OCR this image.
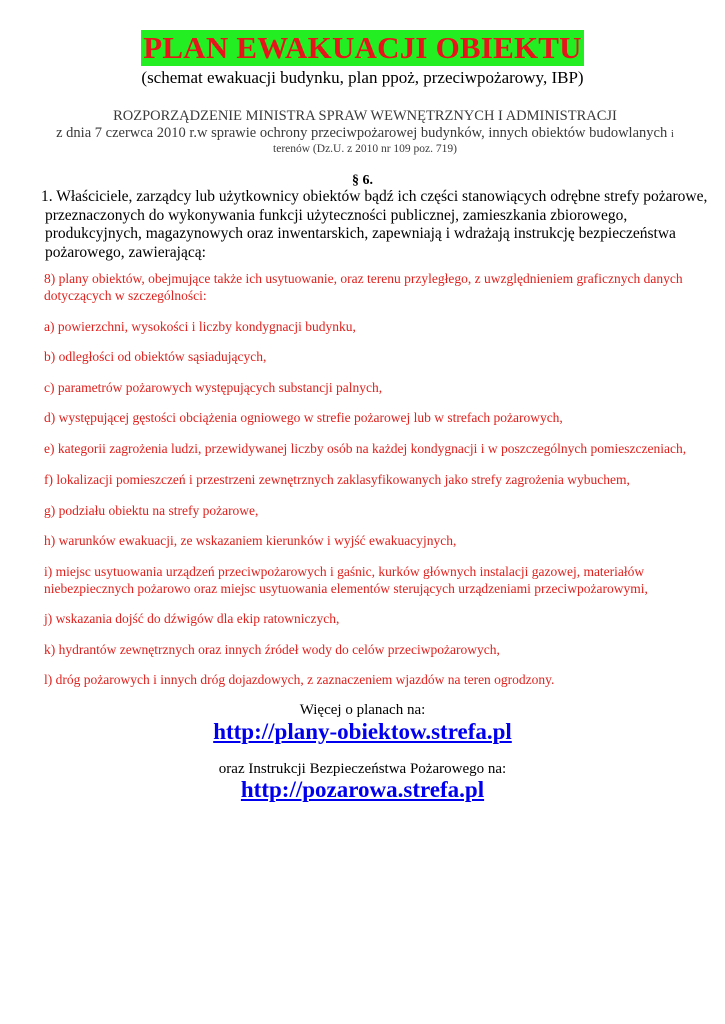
PLAN EWAKUACJI OBIEKTU
(schemat ewakuacji budynku, plan ppoż, przeciwpożarowy, IBP)
ROZPORZĄDZENIE MINISTRA SPRAW WEWNĘTRZNYCH I ADMINISTRACJI
z dnia 7 czerwca 2010 r.w sprawie ochrony przeciwpożarowej budynków, innych obiektów budowlanych i
terenów (Dz.U. z 2010 nr 109 poz. 719)
§ 6.
1. Właściciele, zarządcy lub użytkownicy obiektów bądź ich części stanowiących odrębne strefy pożarowe,
przeznaczonych do wykonywania funkcji użyteczności publicznej, zamieszkania zbiorowego,
produkcyjnych, magazynowych oraz inwentarskich, zapewniają i wdrażają instrukcję bezpieczeństwa
pożarowego, zawierającą:
8) plany obiektów, obejmujące także ich usytuowanie, oraz terenu przyległego, z uwzględnieniem graficznych danych
dotyczących w szczególności:
a) powierzchni, wysokości i liczby kondygnacji budynku,
b) odległości od obiektów sąsiadujących,
c) parametrów pożarowych występujących substancji palnych,
d) występującej gęstości obciążenia ogniowego w strefie pożarowej lub w strefach pożarowych,
e) kategorii zagrożenia ludzi, przewidywanej liczby osób na każdej kondygnacji i w poszczególnych pomieszczeniach,
f) lokalizacji pomieszczeń i przestrzeni zewnętrznych zaklasyfikowanych jako strefy zagrożenia wybuchem,
g) podziału obiektu na strefy pożarowe,
h) warunków ewakuacji, ze wskazaniem kierunków i wyjść ewakuacyjnych,
i) miejsc usytuowania urządzeń przeciwpożarowych i gaśnic, kurków głównych instalacji gazowej, materiałów
niebezpiecznych pożarowo oraz miejsc usytuowania elementów sterujących urządzeniami przeciwpożarowymi,
j) wskazania dojść do dźwigów dla ekip ratowniczych,
k) hydrantów zewnętrznych oraz innych źródeł wody do celów przeciwpożarowych,
l) dróg pożarowych i innych dróg dojazdowych, z zaznaczeniem wjazdów na teren ogrodzony.
Więcej o planach na:
http://plany-obiektow.strefa.pl
oraz Instrukcji Bezpieczeństwa Pożarowego na:
http://pozarowa.strefa.pl
